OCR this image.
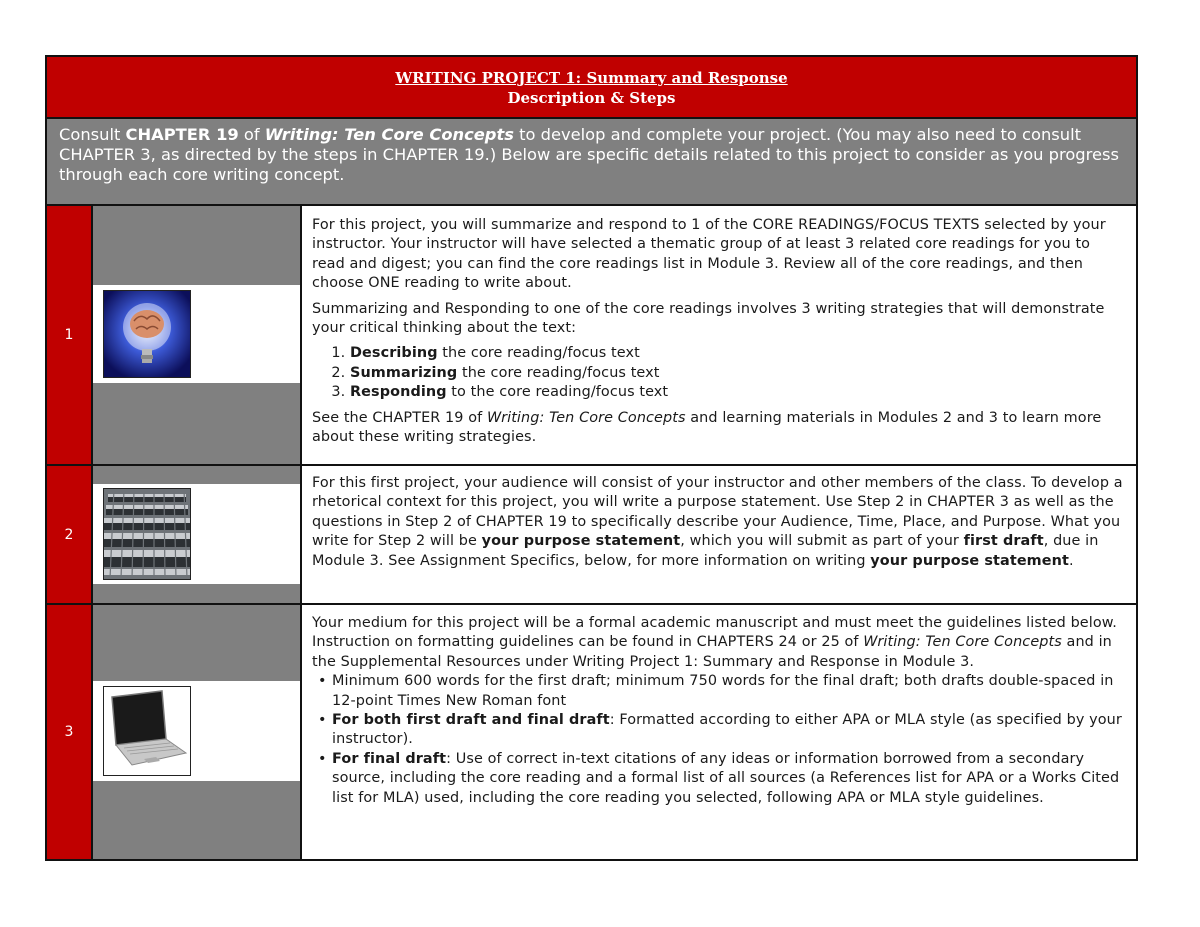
WRITING PROJECT 1: Summary and Response
Description & Steps
Consult CHAPTER 19 of Writing: Ten Core Concepts to develop and complete your project. (You may also need to consult CHAPTER 3, as directed by the steps in CHAPTER 19.) Below are specific details related to this project to consider as you progress through each core writing concept.
1

For this project, you will summarize and respond to 1 of the CORE READINGS/FOCUS TEXTS selected by your instructor. Your instructor will have selected a thematic group of at least 3 related core readings for you to read and digest; you can find the core readings list in Module 3. Review all of the core readings, and then choose ONE reading to write about.

Summarizing and Responding to one of the core readings involves 3 writing strategies that will demonstrate your critical thinking about the text:

1. Describing the core reading/focus text
2. Summarizing the core reading/focus text
3. Responding to the core reading/focus text

See the CHAPTER 19 of Writing: Ten Core Concepts and learning materials in Modules 2 and 3 to learn more about these writing strategies.

2

For this first project, your audience will consist of your instructor and other members of the class. To develop a rhetorical context for this project, you will write a purpose statement. Use Step 2 in CHAPTER 3 as well as the questions in Step 2 of CHAPTER 19 to specifically describe your Audience, Time, Place, and Purpose. What you write for Step 2 will be your purpose statement, which you will submit as part of your first draft, due in Module 3. See Assignment Specifics, below, for more information on writing your purpose statement.

3

Your medium for this project will be a formal academic manuscript and must meet the guidelines listed below. Instruction on formatting guidelines can be found in CHAPTERS 24 or 25 of Writing: Ten Core Concepts and in the Supplemental Resources under Writing Project 1: Summary and Response in Module 3.

• Minimum 600 words for the first draft; minimum 750 words for the final draft; both drafts double-spaced in 12-point Times New Roman font
• For both first draft and final draft: Formatted according to either APA or MLA style (as specified by your instructor).
• For final draft: Use of correct in-text citations of any ideas or information borrowed from a secondary source, including the core reading and a formal list of all sources (a References list for APA or a Works Cited list for MLA) used, including the core reading you selected, following APA or MLA style guidelines.
